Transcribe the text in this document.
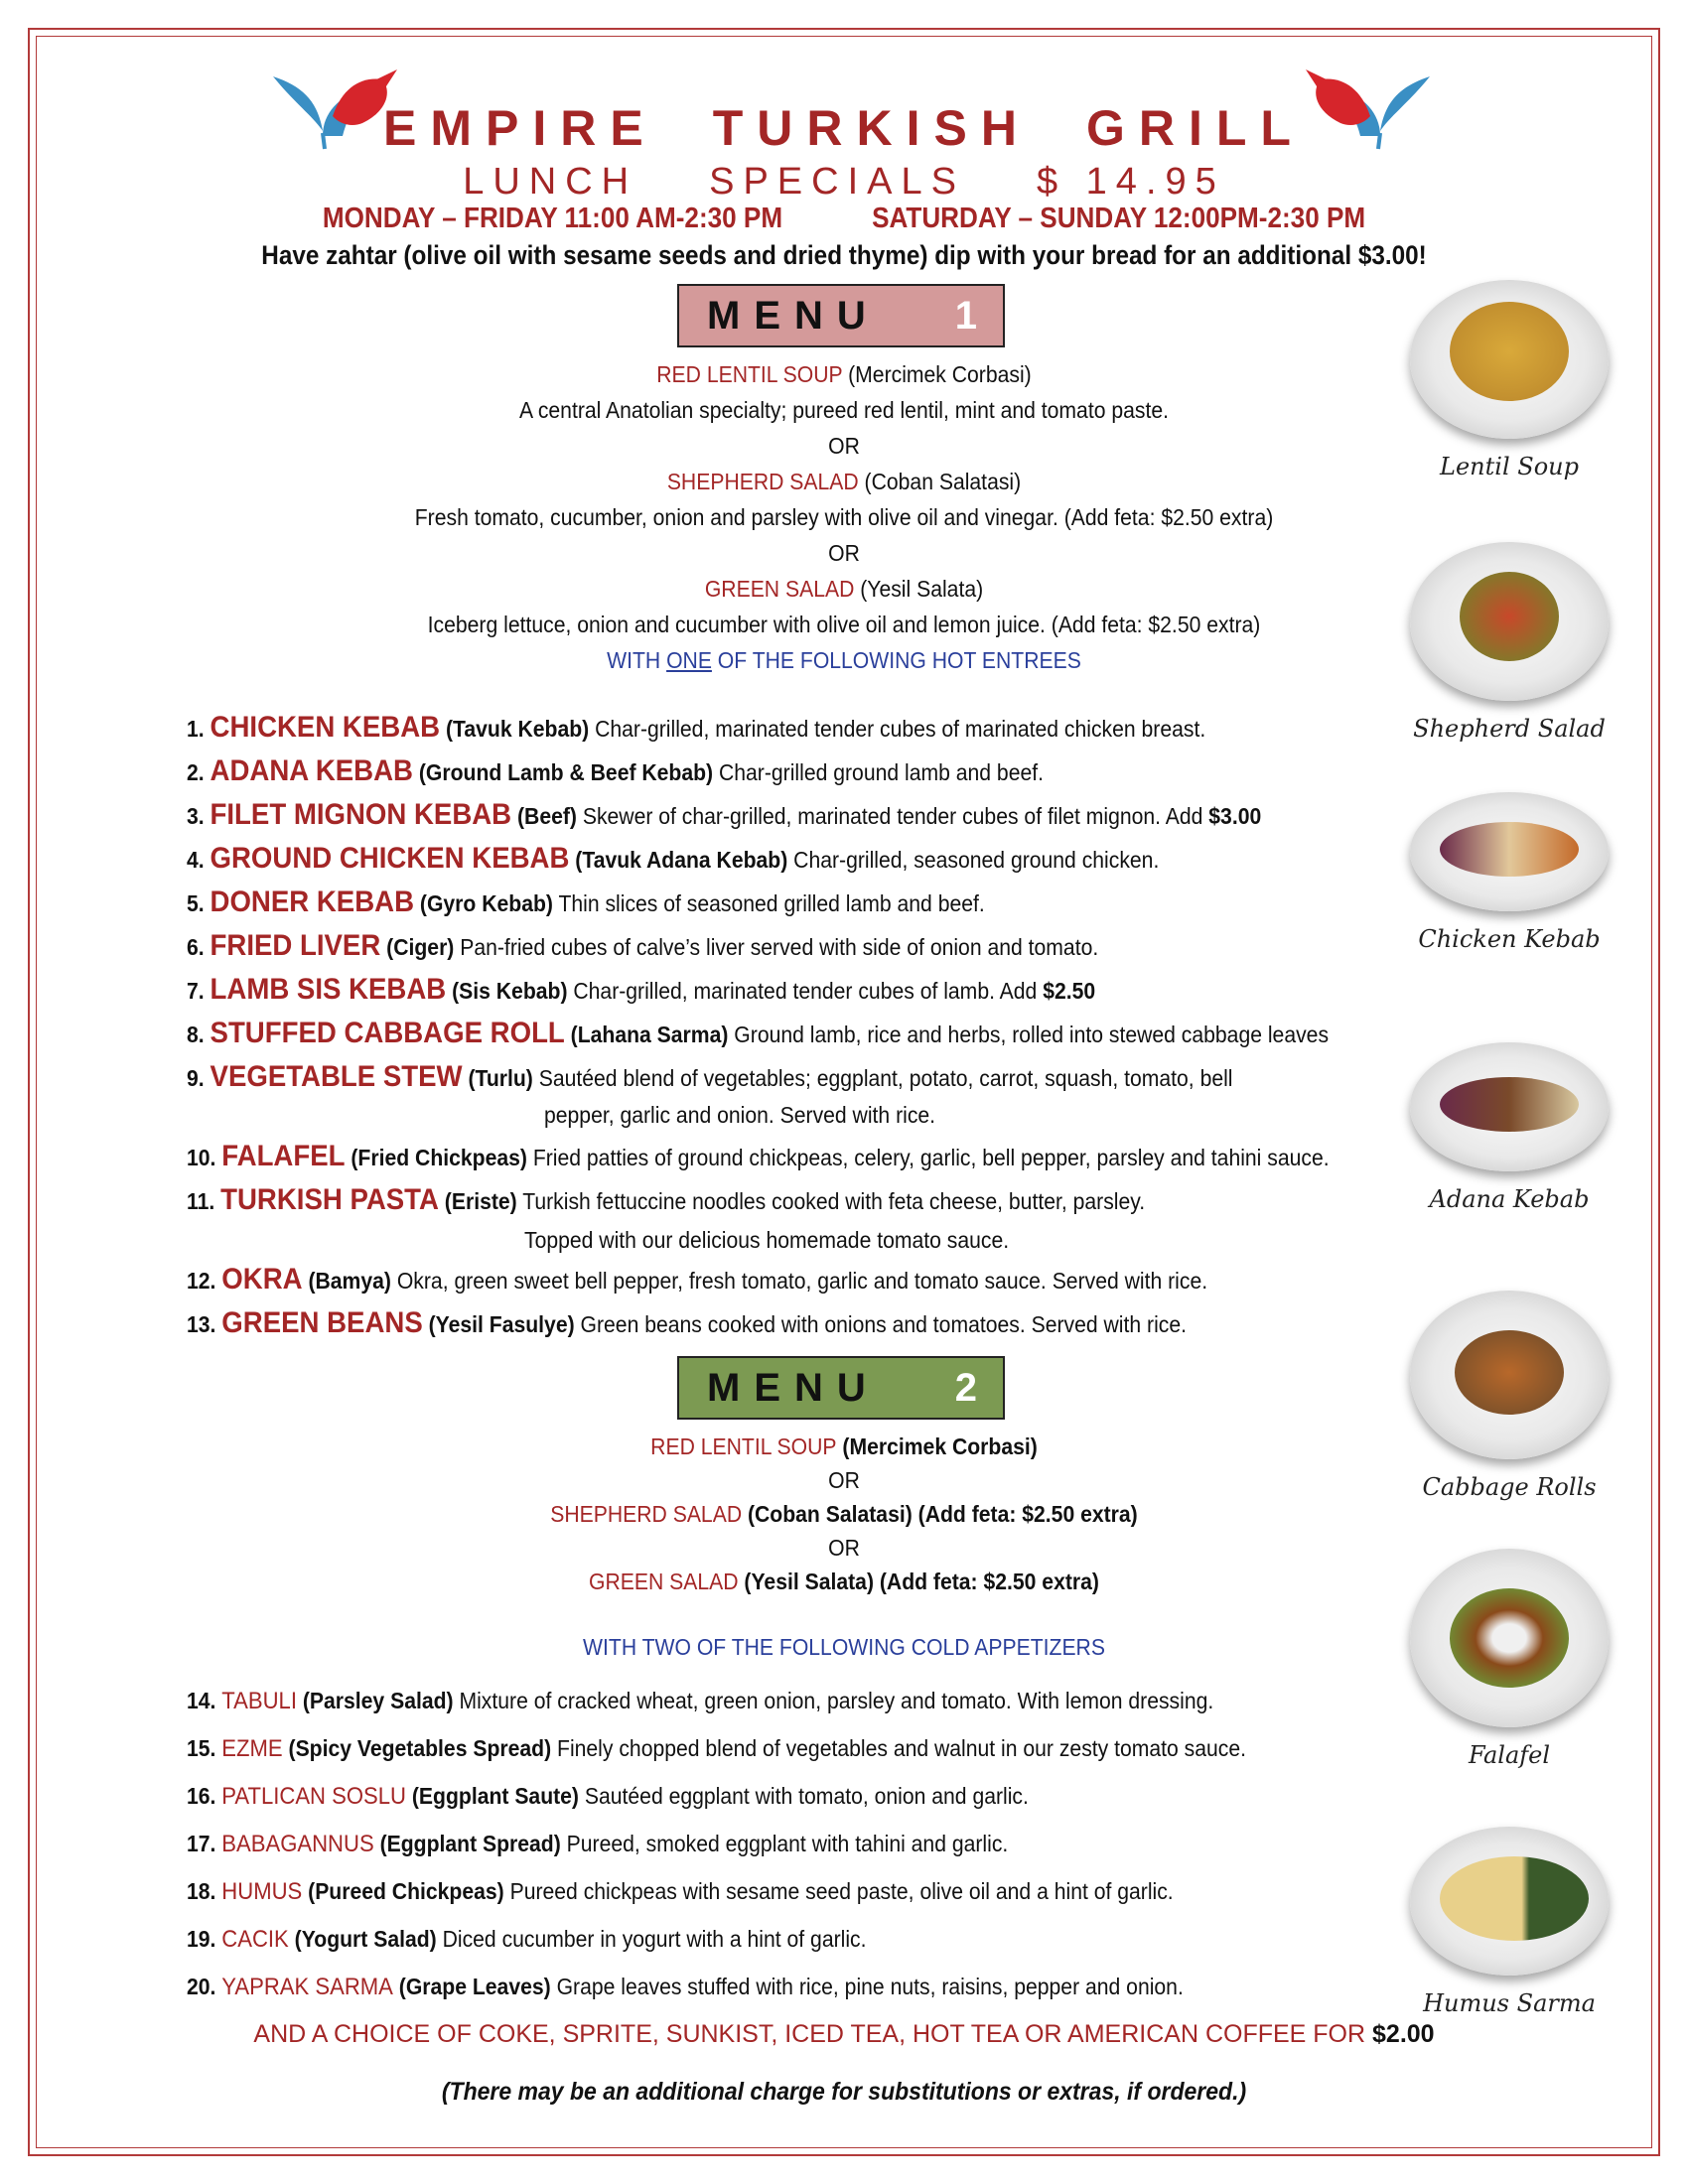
EMPIRE TURKISH GRILL
LUNCH SPECIALS $ 14.95
MONDAY – FRIDAY 11:00 AM-2:30 PM	SATURDAY – SUNDAY 12:00PM-2:30 PM
Have zahtar (olive oil with sesame seeds and dried thyme) dip with your bread for an additional $3.00!
MENU 1
RED LENTIL SOUP (Mercimek Corbasi)
A central Anatolian specialty; pureed red lentil, mint and tomato paste.
OR
SHEPHERD SALAD (Coban Salatasi)
Fresh tomato, cucumber, onion and parsley with olive oil and vinegar. (Add feta: $2.50 extra)
OR
GREEN SALAD (Yesil Salata)
Iceberg lettuce, onion and cucumber with olive oil and lemon juice. (Add feta: $2.50 extra)
WITH ONE OF THE FOLLOWING HOT ENTREES
1. CHICKEN KEBAB (Tavuk Kebab) Char-grilled, marinated tender cubes of marinated chicken breast.
2. ADANA KEBAB (Ground Lamb & Beef Kebab) Char-grilled ground lamb and beef.
3. FILET MIGNON KEBAB (Beef) Skewer of char-grilled, marinated tender cubes of filet mignon. Add $3.00
4. GROUND CHICKEN KEBAB (Tavuk Adana Kebab) Char-grilled, seasoned ground chicken.
5. DONER KEBAB (Gyro Kebab) Thin slices of seasoned grilled lamb and beef.
6. FRIED LIVER (Ciger) Pan-fried cubes of calve’s liver served with side of onion and tomato.
7. LAMB SIS KEBAB (Sis Kebab) Char-grilled, marinated tender cubes of lamb. Add $2.50
8. STUFFED CABBAGE ROLL (Lahana Sarma) Ground lamb, rice and herbs, rolled into stewed cabbage leaves
9. VEGETABLE STEW (Turlu) Sautéed blend of vegetables; eggplant, potato, carrot, squash, tomato, bell
pepper, garlic and onion. Served with rice.
10. FALAFEL (Fried Chickpeas) Fried patties of ground chickpeas, celery, garlic, bell pepper, parsley and tahini sauce.
11. TURKISH PASTA (Eriste) Turkish fettuccine noodles cooked with feta cheese, butter, parsley.
Topped with our delicious homemade tomato sauce.
12. OKRA (Bamya) Okra, green sweet bell pepper, fresh tomato, garlic and tomato sauce. Served with rice.
13. GREEN BEANS (Yesil Fasulye) Green beans cooked with onions and tomatoes. Served with rice.
MENU 2
RED LENTIL SOUP (Mercimek Corbasi)
OR
SHEPHERD SALAD (Coban Salatasi) (Add feta: $2.50 extra)
OR
GREEN SALAD (Yesil Salata) (Add feta: $2.50 extra)
WITH TWO OF THE FOLLOWING COLD APPETIZERS
14. TABULI (Parsley Salad) Mixture of cracked wheat, green onion, parsley and tomato. With lemon dressing.
15. EZME (Spicy Vegetables Spread) Finely chopped blend of vegetables and walnut in our zesty tomato sauce.
16. PATLICAN SOSLU (Eggplant Saute) Sautéed eggplant with tomato, onion and garlic.
17. BABAGANNUS (Eggplant Spread) Pureed, smoked eggplant with tahini and garlic.
18. HUMUS (Pureed Chickpeas) Pureed chickpeas with sesame seed paste, olive oil and a hint of garlic.
19. CACIK (Yogurt Salad) Diced cucumber in yogurt with a hint of garlic.
20. YAPRAK SARMA (Grape Leaves) Grape leaves stuffed with rice, pine nuts, raisins, pepper and onion.
Lentil Soup
Shepherd Salad
Chicken Kebab
Adana Kebab
Cabbage Rolls
Falafel
Humus Sarma
AND A CHOICE OF COKE, SPRITE, SUNKIST, ICED TEA, HOT TEA OR AMERICAN COFFEE FOR $2.00
(There may be an additional charge for substitutions or extras, if ordered.)
